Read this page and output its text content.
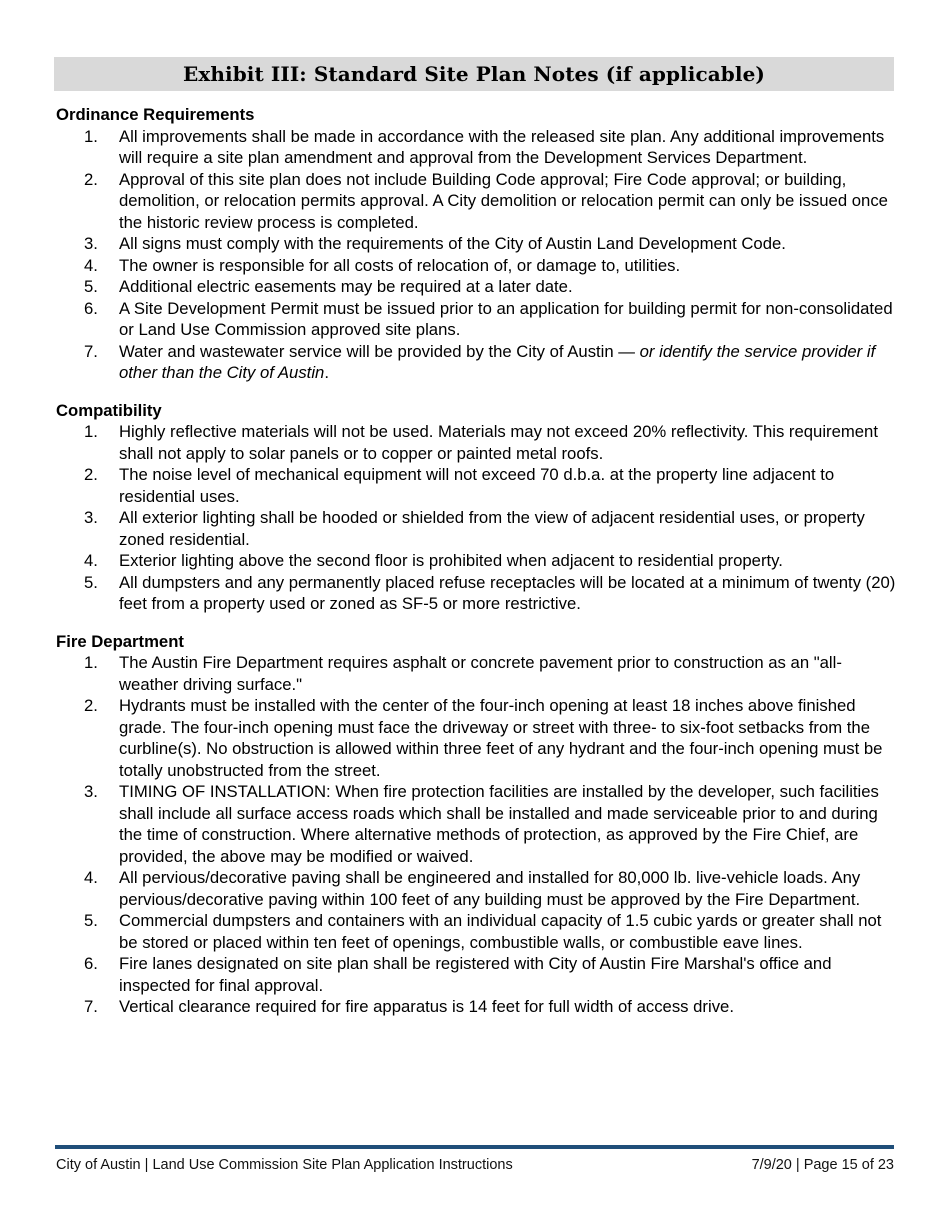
Exhibit III: Standard Site Plan Notes (if applicable)
Ordinance Requirements
1. All improvements shall be made in accordance with the released site plan. Any additional improvements will require a site plan amendment and approval from the Development Services Department.
2. Approval of this site plan does not include Building Code approval; Fire Code approval; or building, demolition, or relocation permits approval. A City demolition or relocation permit can only be issued once the historic review process is completed.
3. All signs must comply with the requirements of the City of Austin Land Development Code.
4. The owner is responsible for all costs of relocation of, or damage to, utilities.
5. Additional electric easements may be required at a later date.
6. A Site Development Permit must be issued prior to an application for building permit for non-consolidated or Land Use Commission approved site plans.
7. Water and wastewater service will be provided by the City of Austin — or identify the service provider if other than the City of Austin.
Compatibility
1. Highly reflective materials will not be used. Materials may not exceed 20% reflectivity. This requirement shall not apply to solar panels or to copper or painted metal roofs.
2. The noise level of mechanical equipment will not exceed 70 d.b.a. at the property line adjacent to residential uses.
3. All exterior lighting shall be hooded or shielded from the view of adjacent residential uses, or property zoned residential.
4. Exterior lighting above the second floor is prohibited when adjacent to residential property.
5. All dumpsters and any permanently placed refuse receptacles will be located at a minimum of twenty (20) feet from a property used or zoned as SF-5 or more restrictive.
Fire Department
1. The Austin Fire Department requires asphalt or concrete pavement prior to construction as an "all-weather driving surface."
2. Hydrants must be installed with the center of the four-inch opening at least 18 inches above finished grade. The four-inch opening must face the driveway or street with three- to six-foot setbacks from the curbline(s). No obstruction is allowed within three feet of any hydrant and the four-inch opening must be totally unobstructed from the street.
3. TIMING OF INSTALLATION: When fire protection facilities are installed by the developer, such facilities shall include all surface access roads which shall be installed and made serviceable prior to and during the time of construction. Where alternative methods of protection, as approved by the Fire Chief, are provided, the above may be modified or waived.
4. All pervious/decorative paving shall be engineered and installed for 80,000 lb. live-vehicle loads. Any pervious/decorative paving within 100 feet of any building must be approved by the Fire Department.
5. Commercial dumpsters and containers with an individual capacity of 1.5 cubic yards or greater shall not be stored or placed within ten feet of openings, combustible walls, or combustible eave lines.
6. Fire lanes designated on site plan shall be registered with City of Austin Fire Marshal's office and inspected for final approval.
7. Vertical clearance required for fire apparatus is 14 feet for full width of access drive.
City of Austin | Land Use Commission Site Plan Application Instructions	7/9/20 | Page 15 of 23
